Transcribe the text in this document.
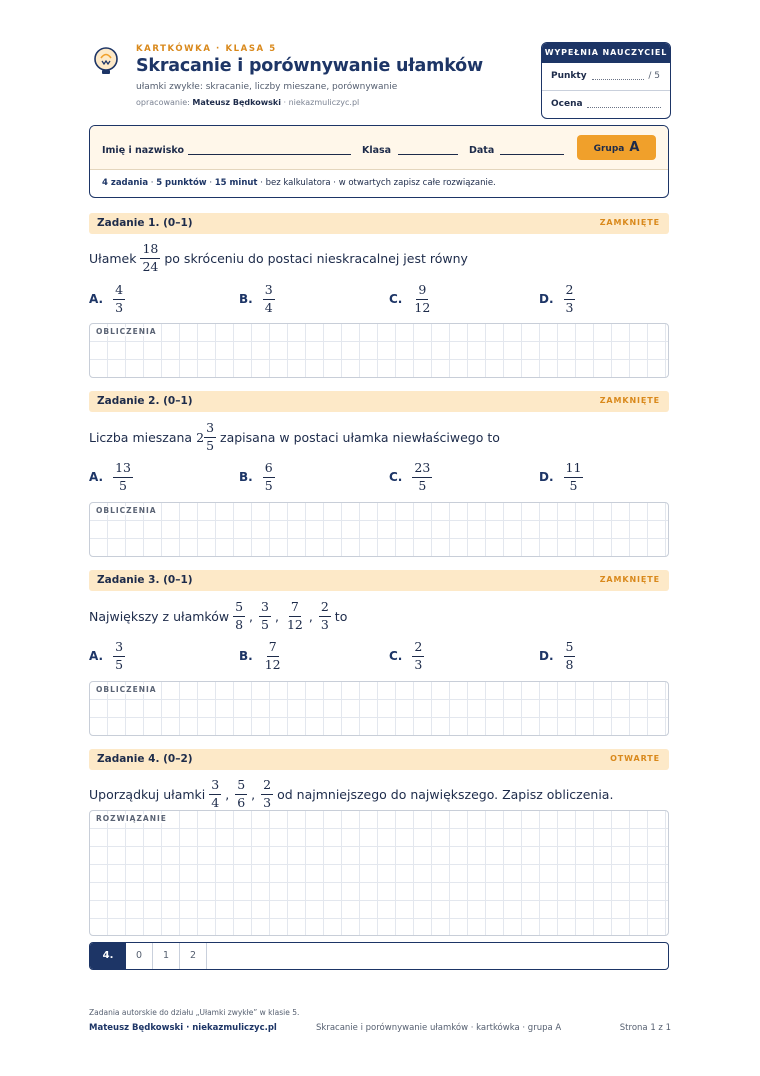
KARTKÓWKA · KLASA 5
Skracanie i porównywanie ułamków
ułamki zwykłe: skracanie, liczby mieszane, porównywanie
opracowanie: Mateusz Będkowski · niekazmuliczyc.pl
WYPEŁNIA NAUCZYCIEL
Punkty	/ 5
Ocena
Imię i nazwisko	Klasa	Data	Grupa A
4 zadania · 5 punktów · 15 minut · bez kalkulatora · w otwartych zapisz całe rozwiązanie.
Zadanie 1. (0–1)	ZAMKNIĘTE
Ułamek $\frac{18}{24}$ po skróceniu do postaci nieskracalnej jest równy
A. $\frac{4}{3}$	B. $\frac{3}{4}$	C. $\frac{9}{12}$	D. $\frac{2}{3}$
OBLICZENIA
Zadanie 2. (0–1)	ZAMKNIĘTE
Liczba mieszana $2 \frac{3}{5}$ zapisana w postaci ułamka niewłaściwego to
A. $\frac{13}{5}$	B. $\frac{6}{5}$	C. $\frac{23}{5}$	D. $\frac{11}{5}$
OBLICZENIA
Zadanie 3. (0–1)	ZAMKNIĘTE
Największy z ułamków $\frac{5}{8}$ , $\frac{3}{5}$ , $\frac{7}{12}$ , $\frac{2}{3}$ to
A. $\frac{3}{5}$	B. $\frac{7}{12}$	C. $\frac{2}{3}$	D. $\frac{5}{8}$
OBLICZENIA
Zadanie 4. (0–2)	OTWARTE
Uporządkuj ułamki $\frac{3}{4}$ , $\frac{5}{6}$ , $\frac{2}{3}$ od najmniejszego do największego. Zapisz obliczenia.
ROZWIĄZANIE
4.	0	1	2
Zadania autorskie do działu „Ułamki zwykłe” w klasie 5.
Mateusz Będkowski · niekazmuliczyc.pl	Skracanie i porównywanie ułamków · kartkówka · grupa A	Strona 1 z 1
